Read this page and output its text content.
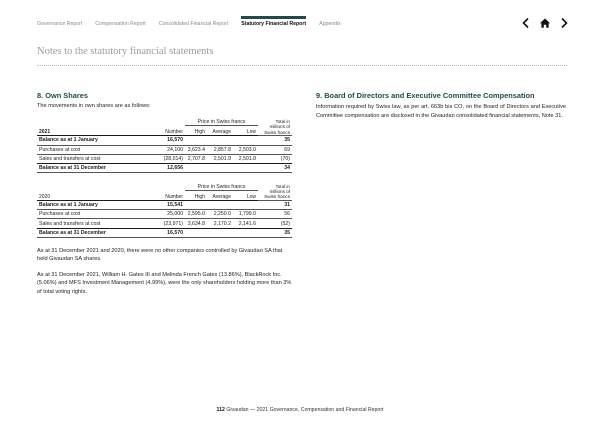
Governance Report	Compensation Report	Consolidated Financial Report	Statutory Financial Report	Appendix
Notes to the statutory financial statements
8. Own Shares

The movements in own shares are as follows:

		Price in Swiss francs			Total in millions of Swiss francs
2021	Number	High	Average	Low	
Balance as at 1 January	16,570				35
Purchases at cost	24,100	3,623.4	2,857.8	2,503.0	69
Sales and transfers at cost	(28,014)	2,707.8	2,501.9	2,501.8	(70)
Balance as at 31 December	12,656				34
		Price in Swiss francs			Total in millions of Swiss francs
2020	Number	High	Average	Low	
Balance as at 1 January	15,541				31
Purchases at cost	25,000	2,595.0	2,250.0	1,799.0	56
Sales and transfers at cost	(23,971)	3,634.8	2,170.2	2,141.6	(52)
Balance as at 31 December	16,570				35

As at 31 December 2021 and 2020, there were no other companies controlled by Givaudan SA that held Givaudan SA shares.

As at 31 December 2021, William H. Gates III and Melinda French Gates (13.86%), BlackRock Inc. (5.06%) and MFS Investment Management (4.99%), were the only shareholders holding more than 3% of total voting rights.

9. Board of Directors and Executive Committee Compensation

Information required by Swiss law, as per art. 663b bis CO, on the Board of Directors and Executive Committee compensation are disclosed in the Givaudan consolidated financial statements, Note 31.

112 Givaudan — 2021 Governance, Compensation and Financial Report
